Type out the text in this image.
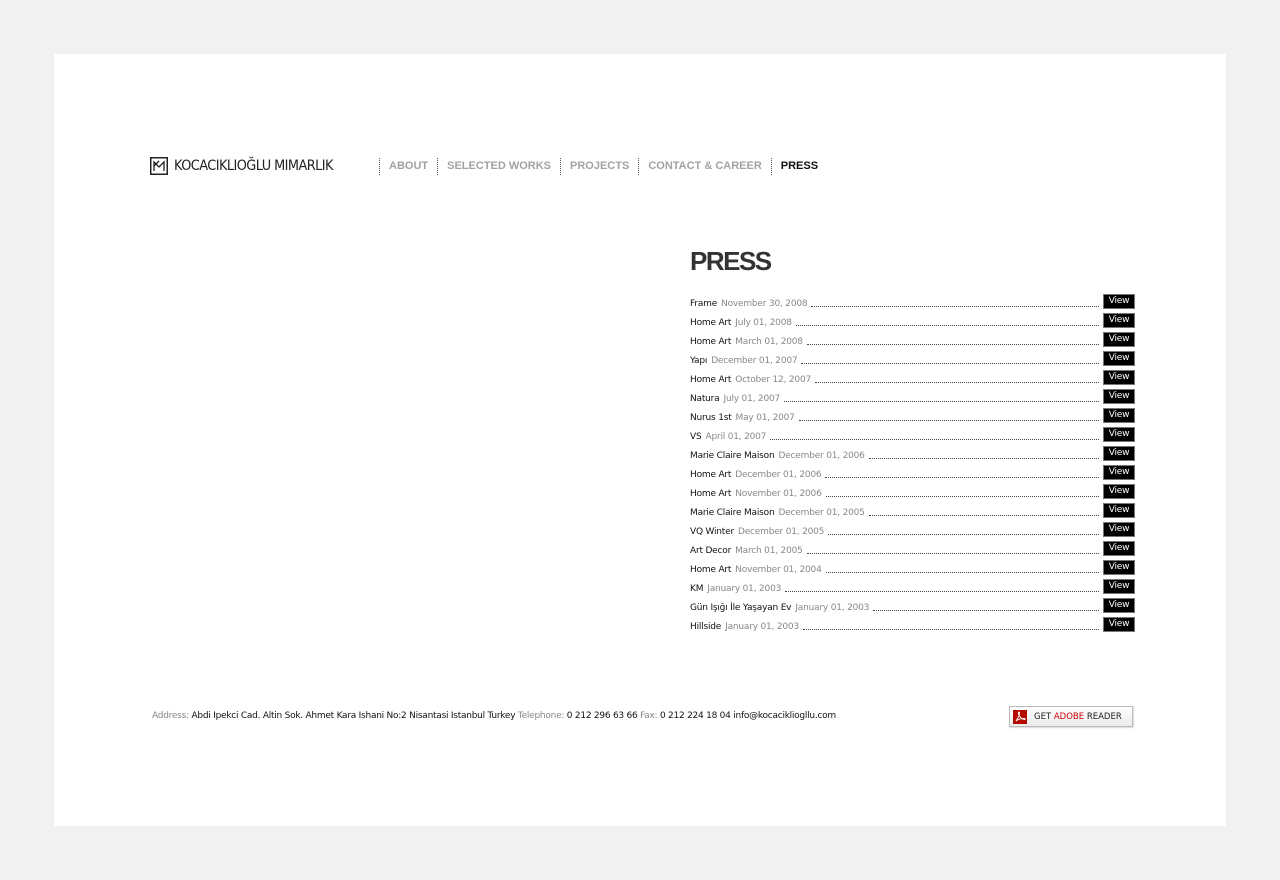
KOCACIKLIOĞLU MIMARLIK	ABOUT	SELECTED WORKS	PROJECTS	CONTACT & CAREER	PRESS
PRESS
Frame November 30, 2008	View
Home Art July 01, 2008	View
Home Art March 01, 2008	View
Yapı December 01, 2007	View
Home Art October 12, 2007	View
Natura July 01, 2007	View
Nurus 1st May 01, 2007	View
VS April 01, 2007	View
Marie Claire Maison December 01, 2006	View
Home Art December 01, 2006	View
Home Art November 01, 2006	View
Marie Claire Maison December 01, 2005	View
VQ Winter December 01, 2005	View
Art Decor March 01, 2005	View
Home Art November 01, 2004	View
KM January 01, 2003	View
Gün Işığı İle Yaşayan Ev January 01, 2003	View
Hillside January 01, 2003	View
Address: Abdi Ipekci Cad. Altin Sok. Ahmet Kara Ishani No:2 Nisantasi Istanbul Turkey Telephone: 0 212 296 63 66 Fax: 0 212 224 18 04 info@kocacikliogllu.com	GET ADOBE READER
